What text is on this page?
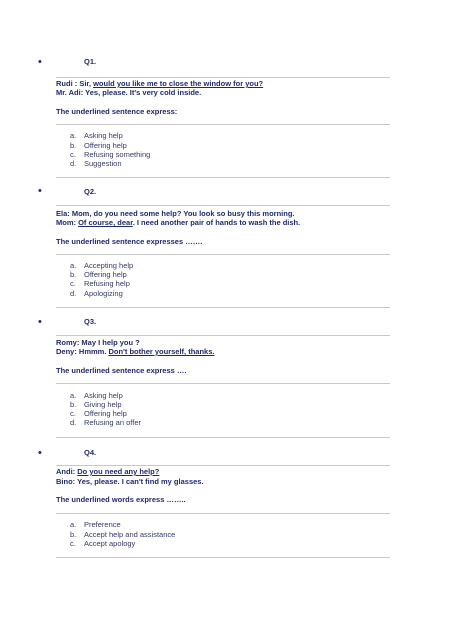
•	Q1.
Rudi : Sir, would you like me to close the window for you?
Mr. Adi: Yes, please. It's very cold inside.
The underlined sentence express:
a. Asking help
b. Offering help
c. Refusing something
d. Suggestion
•	Q2.
Ela: Mom, do you need some help? You look so busy this morning.
Mom: Of course, dear. I need another pair of hands to wash the dish.
The underlined sentence expresses …….
a. Accepting help
b. Offering help
c. Refusing help
d. Apologizing
•	Q3.
Romy: May I help you ?
Deny: Hmmm. Don't bother yourself, thanks.
The underlined sentence express ….
a. Asking help
b. Giving help
c. Offering help
d. Refusing an offer
•	Q4.
Andi: Do you need any help?
Bino: Yes, please. I can't find my glasses.
The underlined words express ……..
a. Preference
b. Accept help and assistance
c. Accept apology
